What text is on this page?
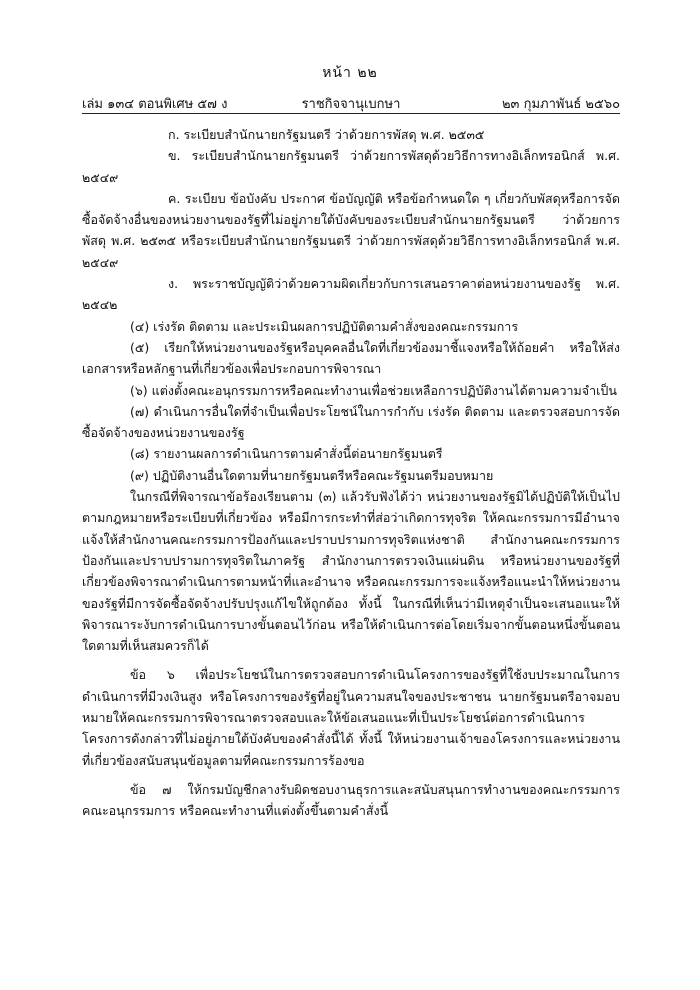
หน้า ๒๒
เล่ม ๑๓๔ ตอนพิเศษ ๕๗ ง	ราชกิจจานุเบกษา	๒๓ กุมภาพันธ์ ๒๕๖๐

ก. ระเบียบสำนักนายกรัฐมนตรี ว่าด้วยการพัสดุ พ.ศ. ๒๕๓๕

ข. ระเบียบสำนักนายกรัฐมนตรี ว่าด้วยการพัสดุด้วยวิธีการทางอิเล็กทรอนิกส์ พ.ศ. ๒๕๔๙

ค. ระเบียบ ข้อบังคับ ประกาศ ข้อบัญญัติ หรือข้อกำหนดใด ๆ เกี่ยวกับพัสดุหรือการจัดซื้อจัดจ้างอื่นของหน่วยงานของรัฐที่ไม่อยู่ภายใต้บังคับของระเบียบสำนักนายกรัฐมนตรี ว่าด้วยการพัสดุ พ.ศ. ๒๕๓๕ หรือระเบียบสำนักนายกรัฐมนตรี ว่าด้วยการพัสดุด้วยวิธีการทางอิเล็กทรอนิกส์ พ.ศ. ๒๕๔๙

ง. พระราชบัญญัติว่าด้วยความผิดเกี่ยวกับการเสนอราคาต่อหน่วยงานของรัฐ พ.ศ. ๒๕๔๒

(๔) เร่งรัด ติดตาม และประเมินผลการปฏิบัติตามคำสั่งของคณะกรรมการ

(๕) เรียกให้หน่วยงานของรัฐหรือบุคคลอื่นใดที่เกี่ยวข้องมาชี้แจงหรือให้ถ้อยคำ หรือให้ส่งเอกสารหรือหลักฐานที่เกี่ยวข้องเพื่อประกอบการพิจารณา

(๖) แต่งตั้งคณะอนุกรรมการหรือคณะทำงานเพื่อช่วยเหลือการปฏิบัติงานได้ตามความจำเป็น

(๗) ดำเนินการอื่นใดที่จำเป็นเพื่อประโยชน์ในการกำกับ เร่งรัด ติดตาม และตรวจสอบการจัดซื้อจัดจ้างของหน่วยงานของรัฐ

(๘) รายงานผลการดำเนินการตามคำสั่งนี้ต่อนายกรัฐมนตรี

(๙) ปฏิบัติงานอื่นใดตามที่นายกรัฐมนตรีหรือคณะรัฐมนตรีมอบหมาย

ในกรณีที่พิจารณาข้อร้องเรียนตาม (๓) แล้วรับฟังได้ว่า หน่วยงานของรัฐมิได้ปฏิบัติให้เป็นไปตามกฎหมายหรือระเบียบที่เกี่ยวข้อง หรือมีการกระทำที่ส่อว่าเกิดการทุจริต ให้คณะกรรมการมีอำนาจแจ้งให้สำนักงานคณะกรรมการป้องกันและปราบปรามการทุจริตแห่งชาติ สำนักงานคณะกรรมการป้องกันและปราบปรามการทุจริตในภาครัฐ สำนักงานการตรวจเงินแผ่นดิน หรือหน่วยงานของรัฐที่เกี่ยวข้องพิจารณาดำเนินการตามหน้าที่และอำนาจ หรือคณะกรรมการจะแจ้งหรือแนะนำให้หน่วยงานของรัฐที่มีการจัดซื้อจัดจ้างปรับปรุงแก้ไขให้ถูกต้อง ทั้งนี้ ในกรณีที่เห็นว่ามีเหตุจำเป็นจะเสนอแนะให้พิจารณาระงับการดำเนินการบางขั้นตอนไว้ก่อน หรือให้ดำเนินการต่อโดยเริ่มจากขั้นตอนหนึ่งขั้นตอนใดตามที่เห็นสมควรก็ได้

ข้อ ๖ เพื่อประโยชน์ในการตรวจสอบการดำเนินโครงการของรัฐที่ใช้งบประมาณในการดำเนินการที่มีวงเงินสูง หรือโครงการของรัฐที่อยู่ในความสนใจของประชาชน นายกรัฐมนตรีอาจมอบหมายให้คณะกรรมการพิจารณาตรวจสอบและให้ข้อเสนอแนะที่เป็นประโยชน์ต่อการดำเนินการโครงการดังกล่าวที่ไม่อยู่ภายใต้บังคับของคำสั่งนี้ได้ ทั้งนี้ ให้หน่วยงานเจ้าของโครงการและหน่วยงานที่เกี่ยวข้องสนับสนุนข้อมูลตามที่คณะกรรมการร้องขอ

ข้อ ๗ ให้กรมบัญชีกลางรับผิดชอบงานธุรการและสนับสนุนการทำงานของคณะกรรมการ คณะอนุกรรมการ หรือคณะทำงานที่แต่งตั้งขึ้นตามคำสั่งนี้
